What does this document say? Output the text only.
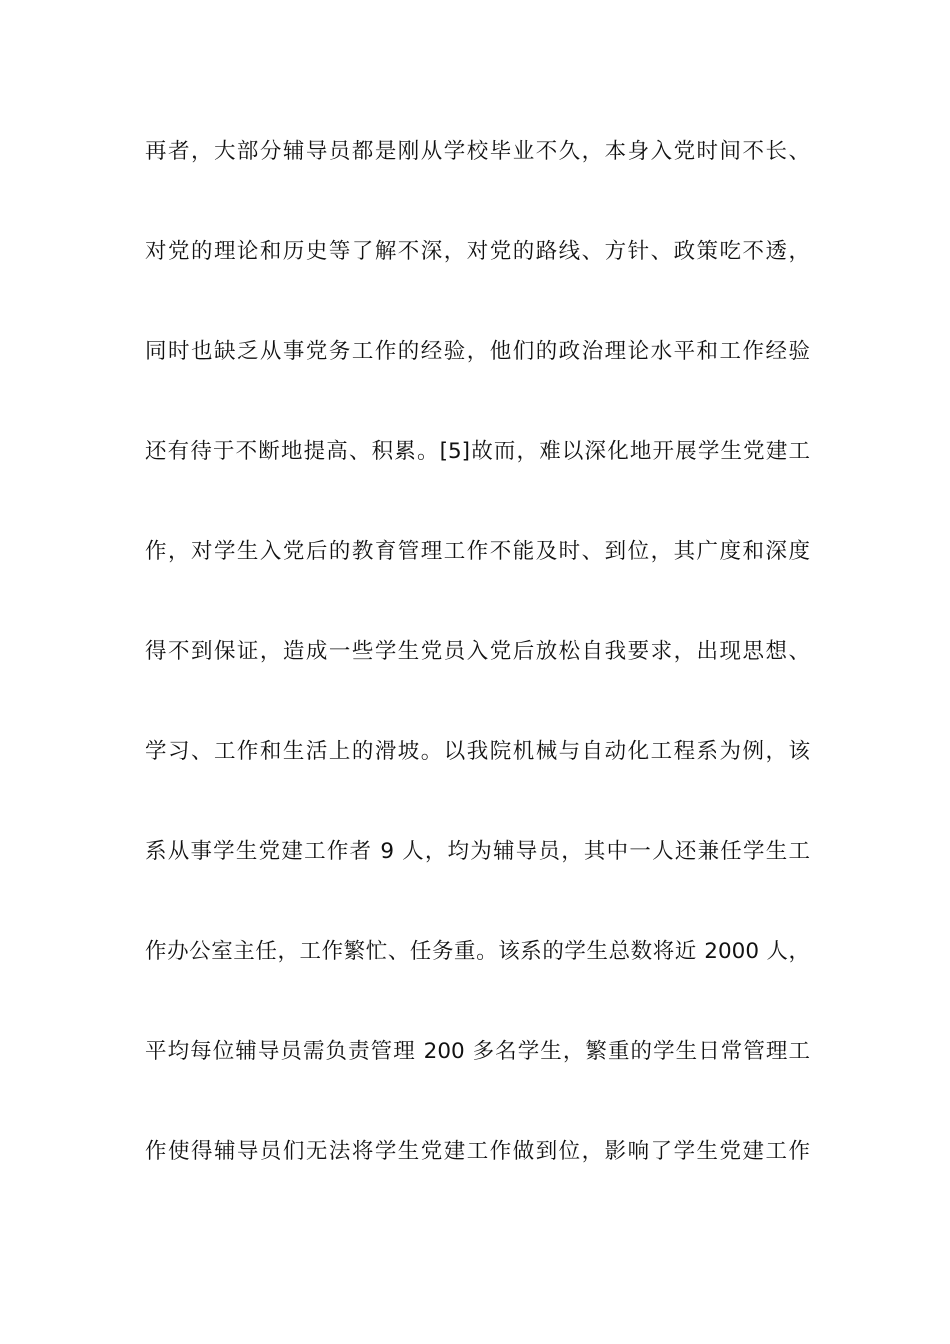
再者，大部分辅导员都是刚从学校毕业不久，本身入党时间不长、
对党的理论和历史等了解不深，对党的路线、方针、政策吃不透，
同时也缺乏从事党务工作的经验，他们的政治理论水平和工作经验
还有待于不断地提高、积累。[5]故而，难以深化地开展学生党建工
作，对学生入党后的教育管理工作不能及时、到位，其广度和深度
得不到保证，造成一些学生党员入党后放松自我要求，出现思想、
学习、工作和生活上的滑坡。以我院机械与自动化工程系为例，该
系从事学生党建工作者 9 人，均为辅导员，其中一人还兼任学生工
作办公室主任，工作繁忙、任务重。该系的学生总数将近 2000 人，
平均每位辅导员需负责管理 200 多名学生，繁重的学生日常管理工
作使得辅导员们无法将学生党建工作做到位，影响了学生党建工作
